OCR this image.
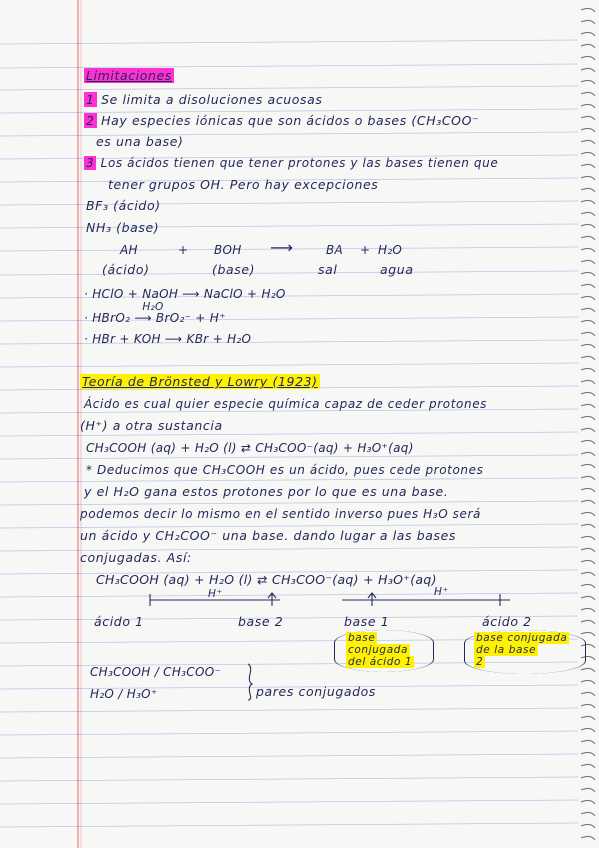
Limitaciones
1 Se limita a disoluciones acuosas
2 Hay especies iónicas que son ácidos o bases (CH₃COO⁻
es una base)
3 Los ácidos tienen que tener protones y las bases tienen que
tener grupos OH. Pero hay excepciones
BF₃ (ácido)
NH₃ (base)
AH	+ BOH ⟶	BA + H₂O
(ácido)	(base)	sal	agua
· HClO + NaOH ⟶ NaClO + H₂O
· HBrO₂
H₂O
⟶ BrO₂⁻ + H⁺
· HBr + KOH ⟶ KBr + H₂O
Teoría de Brönsted y Lowry (1923)
Ácido es cual quier especie química capaz de ceder protones
(H⁺) a otra sustancia
CH₃COOH (aq) + H₂O (l) ⇄ CH₃COO⁻(aq) + H₃O⁺(aq)
* Deducimos que CH₃COOH es un ácido, pues cede protones
y el H₂O gana estos protones por lo que es una base.
podemos decir lo mismo en el sentido inverso pues H₃O será
un ácido y CH₂COO⁻ una base. dando lugar a las bases
conjugadas. Así:
CH₃COOH (aq) + H₂O (l) ⇄ CH₃COO⁻(aq) + H₃O⁺(aq)
H⁺	H⁺
ácido 1	base 2	base 1	ácido 2
base
conjugada
del ácido 1
base conjugada
de la base
2
CH₃COOH / CH₃COO⁻
H₂O / H₃O⁺	pares conjugados
